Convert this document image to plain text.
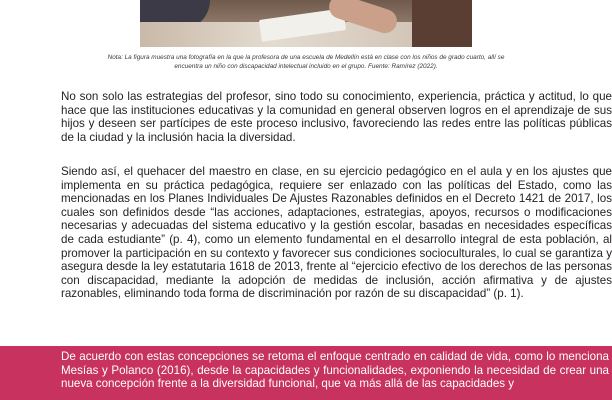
Nota: La figura muestra una fotografía en la que la profesora de una escuela de Medellín está en clase con los niños de grado cuarto, allí se encuentra un niño con discapacidad intelectual incluido en el grupo. Fuente: Ramírez (2022).

No son solo las estrategias del profesor, sino todo su conocimiento, experiencia, práctica y actitud, lo que hace que las instituciones educativas y la comunidad en general observen logros en el aprendizaje de sus hijos y deseen ser partícipes de este proceso inclusivo, favoreciendo las redes entre las políticas públicas de la ciudad y la inclusión hacia la diversidad.

Siendo así, el quehacer del maestro en clase, en su ejercicio pedagógico en el aula y en los ajustes que implementa en su práctica pedagógica, requiere ser enlazado con las políticas del Estado, como las mencionadas en los Planes Individuales De Ajustes Razonables definidos en el Decreto 1421 de 2017, los cuales son definidos desde “las acciones, adaptaciones, estrategias, apoyos, recursos o modificaciones necesarias y adecuadas del sistema educativo y la gestión escolar, basadas en necesidades específicas de cada estudiante” (p. 4), como un elemento fundamental en el desarrollo integral de esta población, al promover la participación en su contexto y favorecer sus condiciones socioculturales, lo cual se garantiza y asegura desde la ley estatutaria 1618 de 2013, frente al “ejercicio efectivo de los derechos de las personas con discapacidad, mediante la adopción de medidas de inclusión, acción afirmativa y de ajustes razonables, eliminando toda forma de discriminación por razón de su discapacidad” (p. 1).

De acuerdo con estas concepciones se retoma el enfoque centrado en calidad de vida, como lo menciona Mesías y Polanco (2016), desde la capacidades y funcionalidades, exponiendo la necesidad de crear una nueva concepción frente a la diversidad funcional, que va más allá de las capacidades y
